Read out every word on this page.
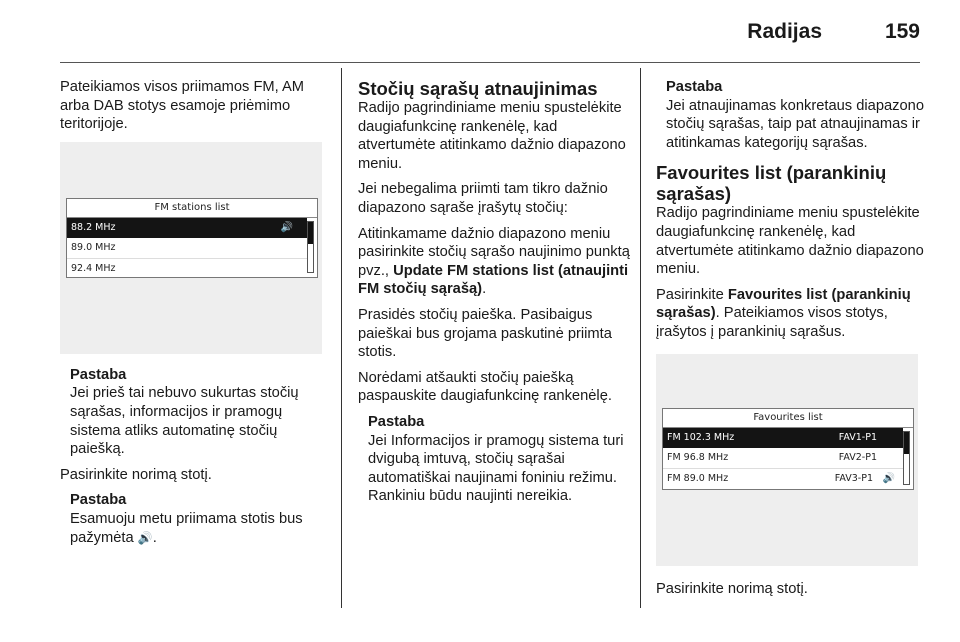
Radijas	159

Pateikiamos visos priimamos FM, AM arba DAB stotys esamoje priėmimo teritorijoje.

FM stations list
88.2 MHz	🔊
89.0 MHz
92.4 MHz
Pastaba
Jei prieš tai nebuvo sukurtas stočių sąrašas, informacijos ir pramogų sistema atliks automatinę stočių paiešką.

Pasirinkite norimą stotį.

Pastaba
Esamuoju metu priimama stotis bus pažymėta 🔊.
Stočių sąrašų atnaujinimas

Radijo pagrindiniame meniu spustelėkite daugiafunkcinę rankenėlę, kad atvertumėte atitinkamo dažnio diapazono meniu.

Jei nebegalima priimti tam tikro dažnio diapazono sąraše įrašytų stočių:

Atitinkamame dažnio diapazono meniu pasirinkite stočių sąrašo naujinimo punktą pvz., Update FM stations list (atnaujinti FM stočių sąrašą).

Prasidės stočių paieška. Pasibaigus paieškai bus grojama paskutinė priimta stotis.

Norėdami atšaukti stočių paiešką paspauskite daugiafunkcinę rankenėlę.

Pastaba
Jei Informacijos ir pramogų sistema turi dvigubą imtuvą, stočių sąrašai automatiškai naujinami foniniu režimu. Rankiniu būdu naujinti nereikia.
Pastaba
Jei atnaujinamas konkretaus diapazono stočių sąrašas, taip pat atnaujinamas ir atitinkamas kategorijų sąrašas.
Favourites list (parankinių sąrašas)

Radijo pagrindiniame meniu spustelėkite daugiafunkcinę rankenėlę, kad atvertumėte atitinkamo dažnio diapazono meniu.

Pasirinkite Favourites list (parankinių sąrašas). Pateikiamos visos stotys, įrašytos į parankinių sąrašus.

Favourites list
FM 102.3 MHz	FAV1-P1
FM 96.8 MHz	FAV2-P1
FM 89.0 MHz	FAV3-P1 🔊

Pasirinkite norimą stotį.
